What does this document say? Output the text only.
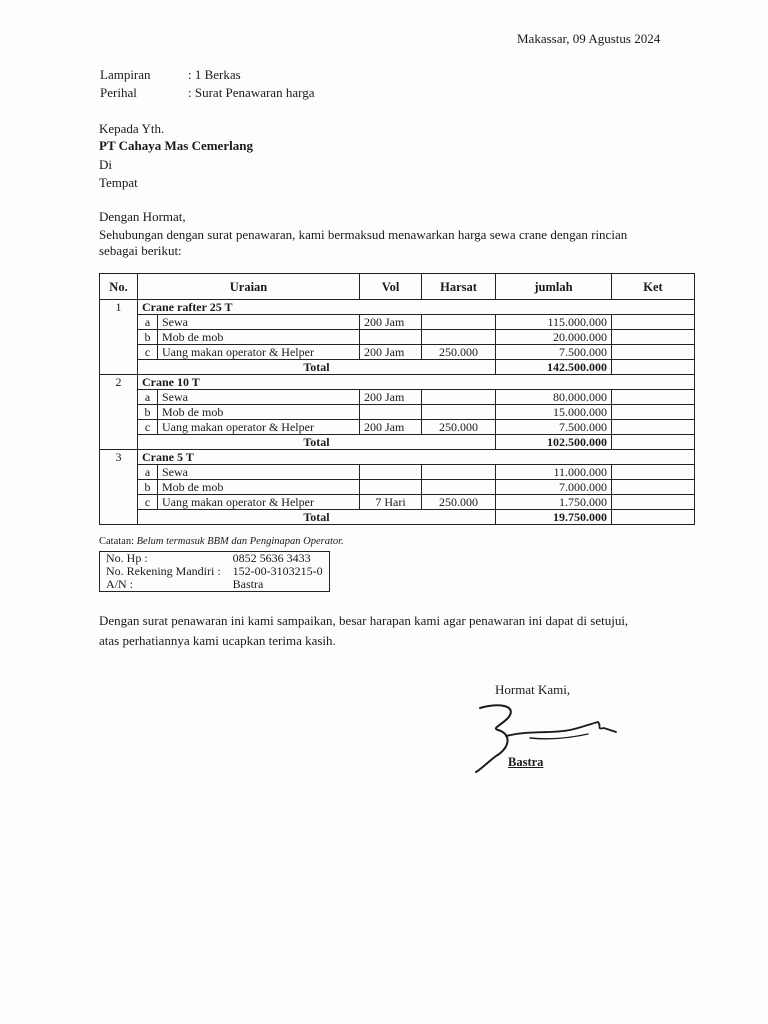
Makassar, 09 Agustus 2024
Lampiran	: 1 Berkas
Perihal	: Surat Penawaran harga
Kepada Yth.
PT Cahaya Mas Cemerlang
Di
Tempat
Dengan Hormat,
Sehubungan dengan surat penawaran, kami bermaksud menawarkan harga sewa crane dengan rincian
sebagai berikut:
No.	Uraian		Vol	Harsat	jumlah	Ket
1	Crane rafter 25 T					
	a	Sewa	200 Jam		115.000.000	
	b	Mob de mob			20.000.000	
	c	Uang makan operator & Helper	200 Jam	250.000	7.500.000	
	Total				142.500.000	
2	Crane 10 T					
	a	Sewa	200 Jam		80.000.000	
	b	Mob de mob			15.000.000	
	c	Uang makan operator & Helper	200 Jam	250.000	7.500.000	
	Total				102.500.000	
3	Crane 5 T					
	a	Sewa			11.000.000	
	b	Mob de mob			7.000.000	
	c	Uang makan operator & Helper	7 Hari	250.000	1.750.000	
	Total				19.750.000	
Catatan: Belum termasuk BBM dan Penginapan Operator.
No. Hp :	0852 5636 3433
No. Rekening Mandiri :	152-00-3103215-0
A/N :	Bastra
Dengan surat penawaran ini kami sampaikan, besar harapan kami agar penawaran ini dapat di setujui,
atas perhatiannya kami ucapkan terima kasih.
Hormat Kami,
Bastra
